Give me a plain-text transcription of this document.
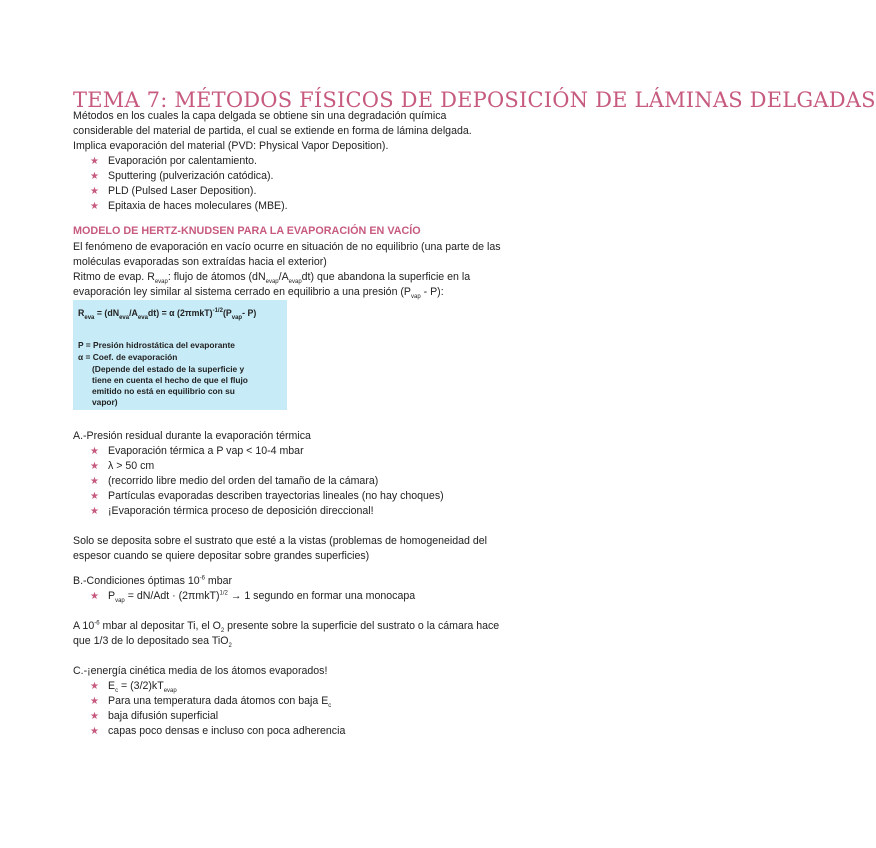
TEMA 7: MÉTODOS FÍSICOS DE DEPOSICIÓN DE LÁMINAS DELGADAS

Métodos en los cuales la capa delgada se obtiene sin una degradación química
considerable del material de partida, el cual se extiende en forma de lámina delgada.
Implica evaporación del material (PVD: Physical Vapor Deposition).

★ Evaporación por calentamiento.
★ Sputtering (pulverización catódica).
★ PLD (Pulsed Laser Deposition).
★ Epitaxia de haces moleculares (MBE).
MODELO DE HERTZ-KNUDSEN PARA LA EVAPORACIÓN EN VACÍO

El fenómeno de evaporación en vacío ocurre en situación de no equilibrio (una parte de las
moléculas evaporadas son extraídas hacia el exterior)
Ritmo de evap. $R_{evap}$: flujo de átomos $(dN_{evap}/A_{evap}dt)$ que abandona la superficie en la
evaporación ley similar al sistema cerrado en equilibrio a una presión $(P_{vap} - P)$:

$R_{eva} = (dN_{eva}/A_{eva}dt) = \alpha$ $(2\pi mkT)^{-1/2}(P_{vap}-$ P)
P = Presión hidrostática del evaporante
α = Coef. de evaporación
(Depende del estado de la superficie y
tiene en cuenta el hecho de que el flujo
emitido no está en equilibrio con su
vapor)

A.-Presión residual durante la evaporación térmica

★ Evaporación térmica a P vap < 10-4 mbar
★ λ > 50 cm
★ (recorrido libre medio del orden del tamaño de la cámara)
★ Partículas evaporadas describen trayectorias lineales (no hay choques)
★ ¡Evaporación térmica proceso de deposición direccional!

Solo se deposita sobre el sustrato que esté a la vistas (problemas de homogeneidad del
espesor cuando se quiere depositar sobre grandes superficies)

B.-Condiciones óptimas $10^{-6}$ mbar

★ $P_{vap} = dN/Adt \cdot (2\pi mkT)^{1/2} \to 1$ segundo en formar una monocapa

A $10^{-6}$ mbar al depositar Ti, el $O_2$ presente sobre la superficie del sustrato o la cámara hace
que 1/3 de lo depositado sea TiO$_2$

C.-¡energía cinética media de los átomos evaporados!

★ $E_c = (3/2)kT_{evap}$
★ Para una temperatura dada átomos con baja $E_c$
★ baja difusión superficial
★ capas poco densas e incluso con poca adherencia
